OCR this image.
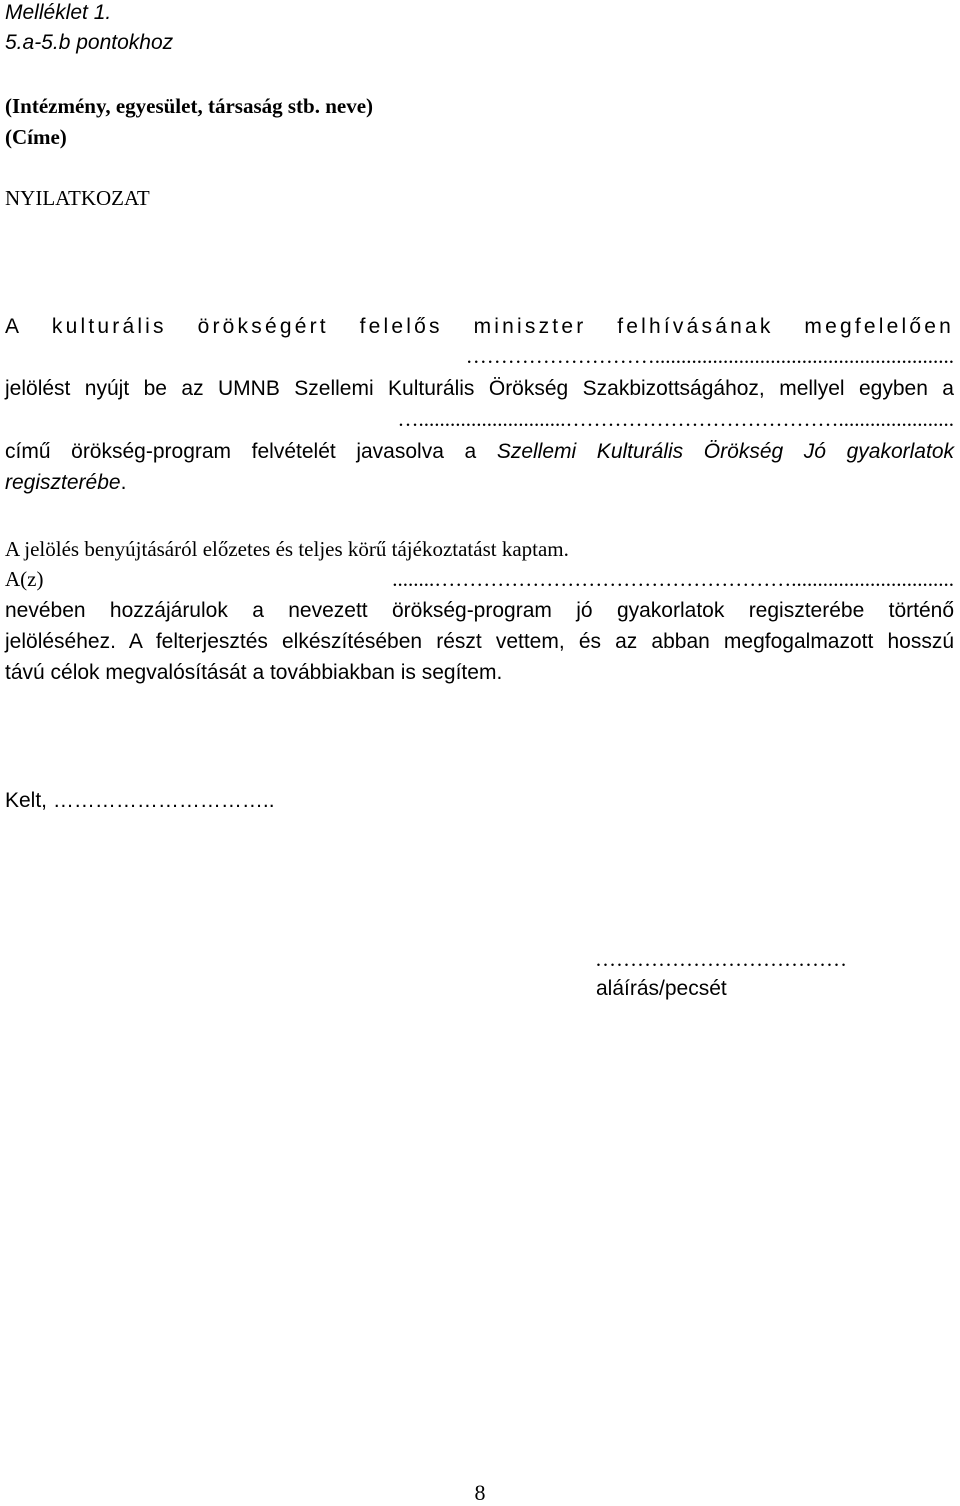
Melléklet 1.
5.a-5.b pontokhoz
(Intézmény, egyesület, társaság stb. neve)
(Címe)
NYILATKOZAT
A kulturális örökségért felelős miniszter felhívásának megfelelően
……………………….........................................................
jelölést nyújt be az UMNB Szellemi Kulturális Örökség Szakbizottságához, mellyel egyben a
…............................…………………………………......................
című örökség-program felvételét javasolva a Szellemi Kulturális Örökség Jó gyakorlatok
regiszterébe.
A jelölés benyújtásáról előzetes és teljes körű tájékoztatást kaptam.
A(z)	........……………………………………………...............................
nevében hozzájárulok a nevezett örökség-program jó gyakorlatok regiszterébe történő
jelöléséhez. A felterjesztés elkészítésében részt vettem, és az abban megfogalmazott hosszú
távú célok megvalósítását a továbbiakban is segítem.
Kelt, …………………………..
………………………………
aláírás/pecsét
8
